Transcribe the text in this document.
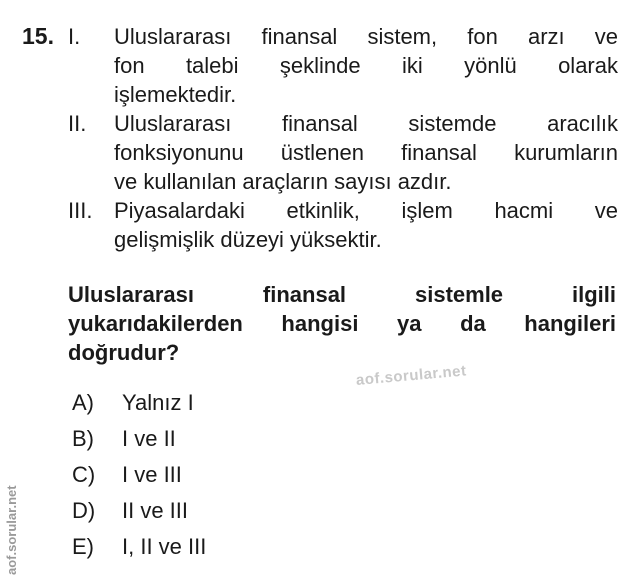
15. I. Uluslararası finansal sistem, fon arzı ve
fon talebi şeklinde iki yönlü olarak
işlemektedir.
II. Uluslararası finansal sistemde aracılık
fonksiyonunu üstlenen finansal kurumların
ve kullanılan araçların sayısı azdır.
III. Piyasalardaki etkinlik, işlem hacmi ve
gelişmişlik düzeyi yüksektir.
Uluslararası finansal sistemle ilgili
yukarıdakilerden hangisi ya da hangileri
doğrudur?
aof.sorular.net
A)	Yalnız I
B)	I ve II
C)	I ve III
D)	II ve III
E)	I, II ve III
aof.sorular.net
